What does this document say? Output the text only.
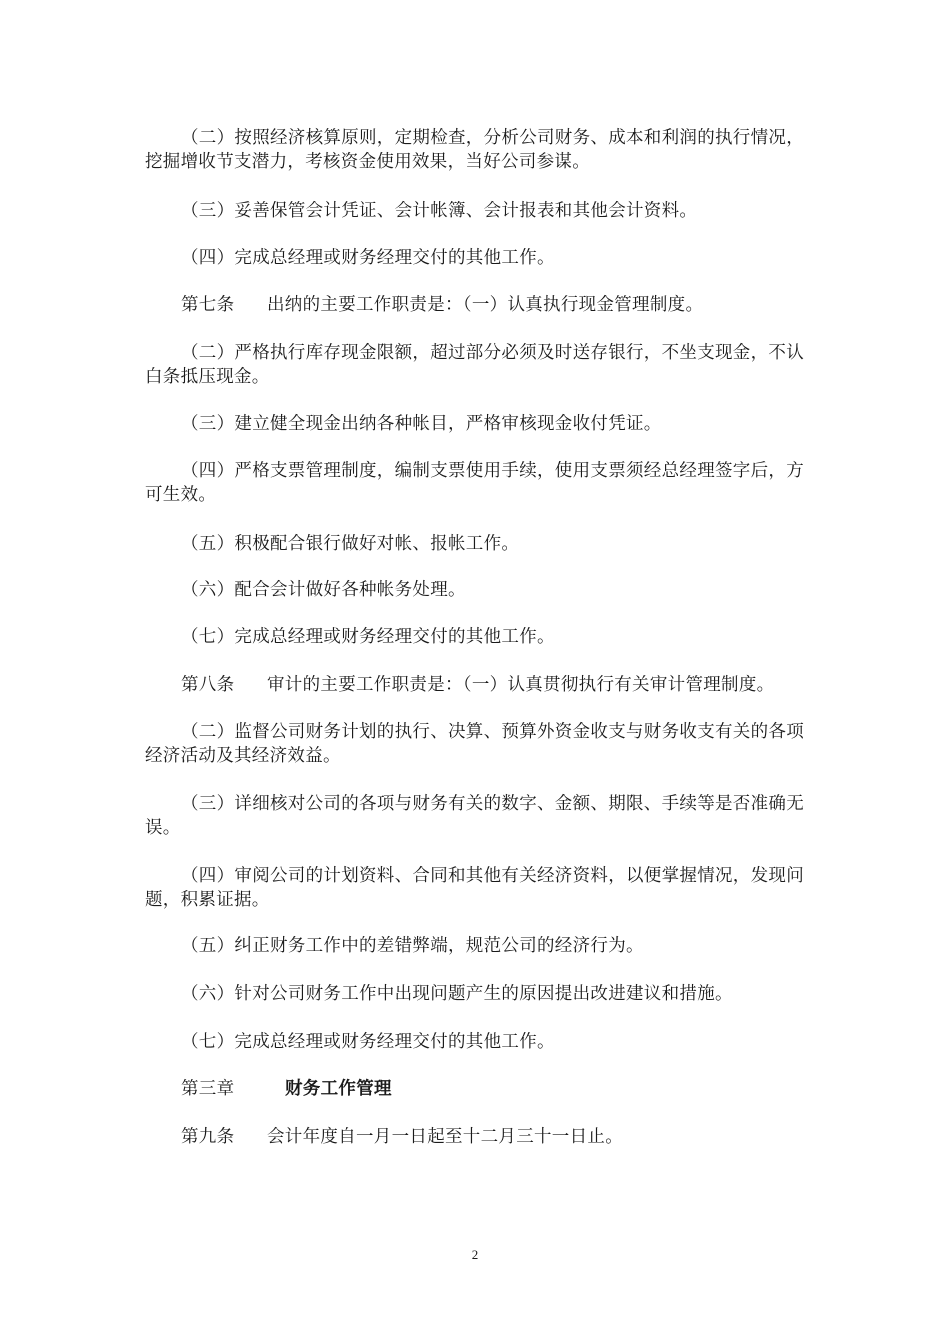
（二）按照经济核算原则，定期检查，分析公司财务、成本和利润的执行情况，挖掘增收节支潜力，考核资金使用效果，当好公司参谋。

（三）妥善保管会计凭证、会计帐簿、会计报表和其他会计资料。

（四）完成总经理或财务经理交付的其他工作。

第七条 出纳的主要工作职责是：（一）认真执行现金管理制度。

（二）严格执行库存现金限额，超过部分必须及时送存银行，不坐支现金，不认白条抵压现金。

（三）建立健全现金出纳各种帐目，严格审核现金收付凭证。

（四）严格支票管理制度，编制支票使用手续，使用支票须经总经理签字后，方可生效。

（五）积极配合银行做好对帐、报帐工作。

（六）配合会计做好各种帐务处理。

（七）完成总经理或财务经理交付的其他工作。

第八条 审计的主要工作职责是：（一）认真贯彻执行有关审计管理制度。

（二）监督公司财务计划的执行、决算、预算外资金收支与财务收支有关的各项经济活动及其经济效益。

（三）详细核对公司的各项与财务有关的数字、金额、期限、手续等是否准确无误。

（四）审阅公司的计划资料、合同和其他有关经济资料，以便掌握情况，发现问题，积累证据。

（五）纠正财务工作中的差错弊端，规范公司的经济行为。

（六）针对公司财务工作中出现问题产生的原因提出改进建议和措施。

（七）完成总经理或财务经理交付的其他工作。

第三章	财务工作管理

第九条 会计年度自一月一日起至十二月三十一日止。

2
